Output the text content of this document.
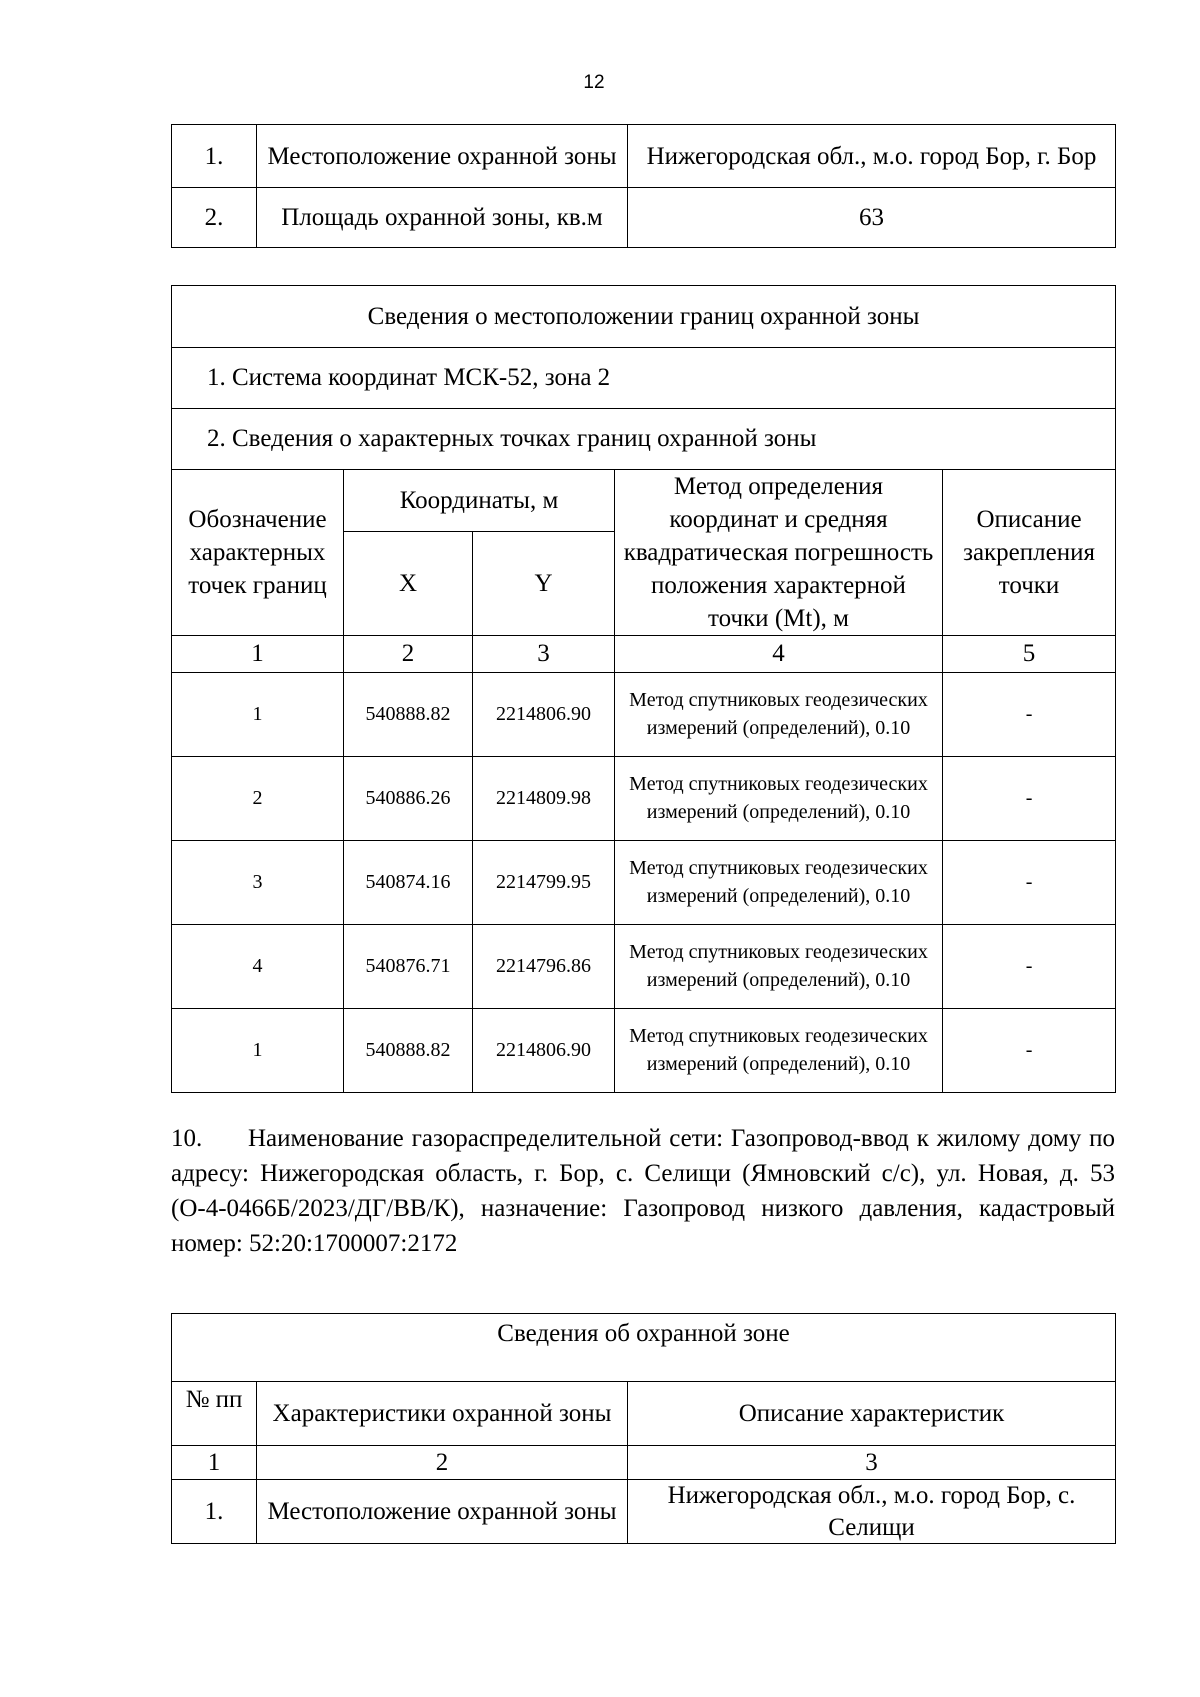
12
1.	Местоположение охранной зоны	Нижегородская обл., м.о. город Бор, г. Бор
2.	Площадь охранной зоны, кв.м	63
Сведения о местоположении границ охранной зоны				
1. Система координат МСК-52, зона 2				
2. Сведения о характерных точках границ охранной зоны				
Обозначение характерных точек границ	Координаты, м		Метод определения координат и средняя квадратическая погрешность положения характерной точки (Mt), м	Описание закрепления точки
	X	Y		
1	2	3	4	5
1	540888.82	2214806.90	Метод спутниковых геодезических измерений (определений), 0.10	-
2	540886.26	2214809.98	Метод спутниковых геодезических измерений (определений), 0.10	-
3	540874.16	2214799.95	Метод спутниковых геодезических измерений (определений), 0.10	-
4	540876.71	2214796.86	Метод спутниковых геодезических измерений (определений), 0.10	-
1	540888.82	2214806.90	Метод спутниковых геодезических измерений (определений), 0.10	-

10. Наименование газораспределительной сети: Газопровод-ввод к жилому дому по адресу: Нижегородская область, г. Бор, с. Селищи (Ямновский с/с), ул. Новая, д. 53 (О-4-0466Б/2023/ДГ/ВВ/К), назначение: Газопровод низкого давления, кадастровый номер: 52:20:1700007:2172

Сведения об охранной зоне		
№ пп	Характеристики охранной зоны	Описание характеристик
1	2	3
1.	Местоположение охранной зоны	Нижегородская обл., м.о. город Бор, с. Селищи
